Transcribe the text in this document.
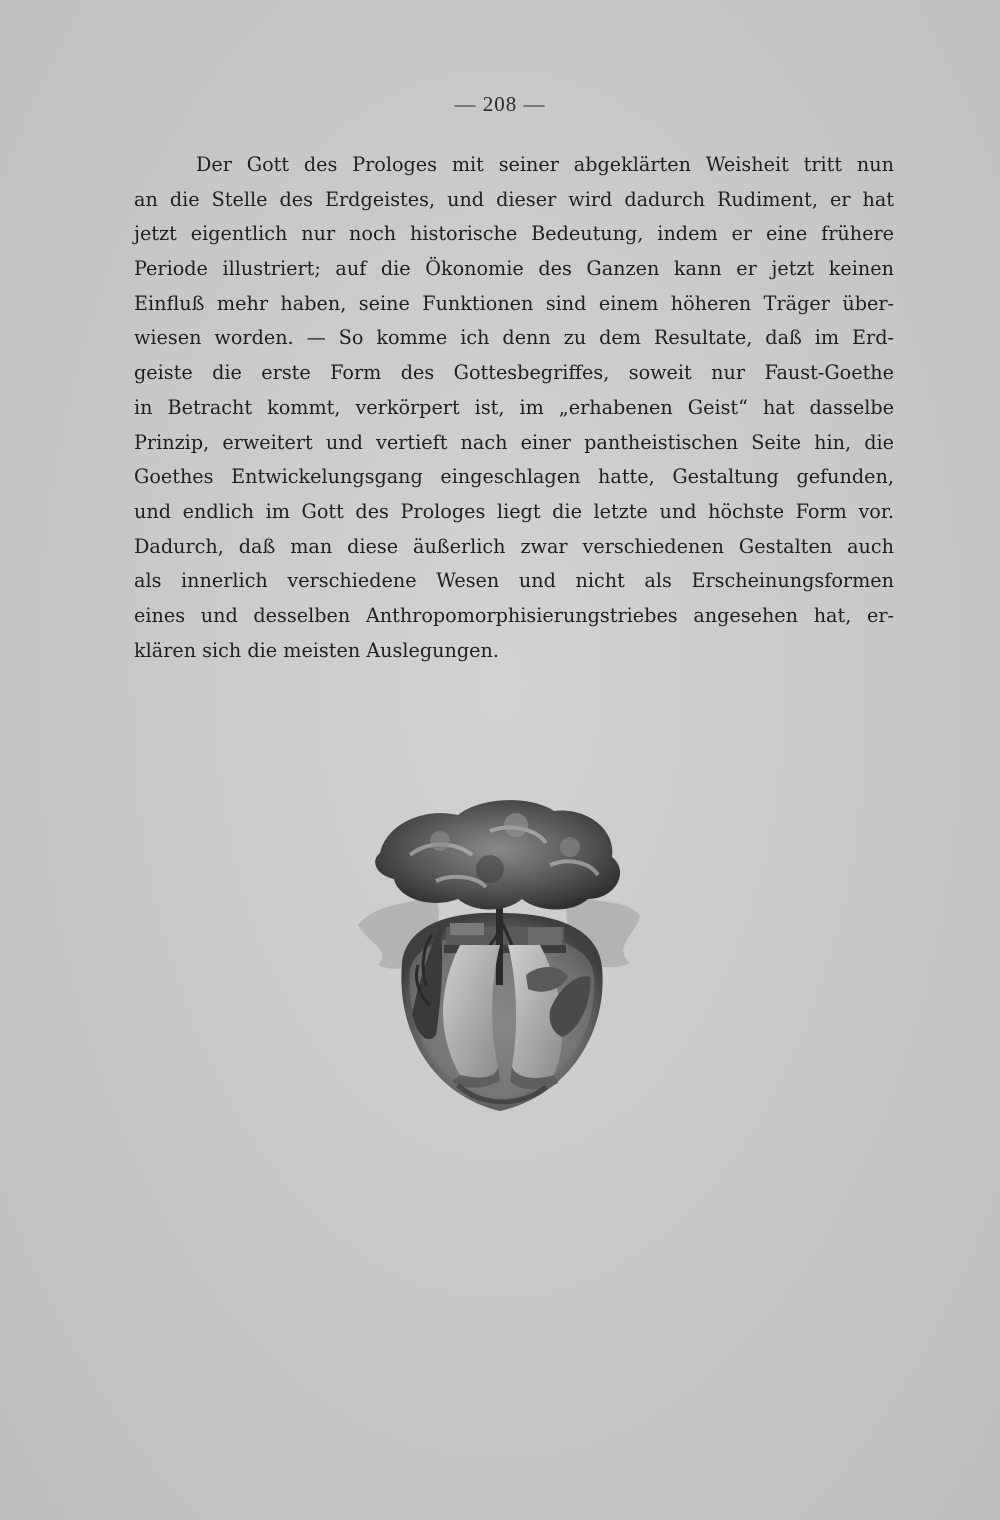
— 208 —
Der Gott des Prologes mit seiner abgeklärten Weisheit tritt nun
an die Stelle des Erdgeistes, und dieser wird dadurch Rudiment, er hat
jetzt eigentlich nur noch historische Bedeutung, indem er eine frühere
Periode illustriert; auf die Ökonomie des Ganzen kann er jetzt keinen
Einfluß mehr haben, seine Funktionen sind einem höheren Träger über-
wiesen worden. — So komme ich denn zu dem Resultate, daß im Erd-
geiste die erste Form des Gottesbegriffes, soweit nur Faust-Goethe
in Betracht kommt, verkörpert ist, im „erhabenen Geist“ hat dasselbe
Prinzip, erweitert und vertieft nach einer pantheistischen Seite hin, die
Goethes Entwickelungsgang eingeschlagen hatte, Gestaltung gefunden,
und endlich im Gott des Prologes liegt die letzte und höchste Form vor.
Dadurch, daß man diese äußerlich zwar verschiedenen Gestalten auch
als innerlich verschiedene Wesen und nicht als Erscheinungsformen
eines und desselben Anthropomorphisierungstriebes angesehen hat, er-
klären sich die meisten Auslegungen.
